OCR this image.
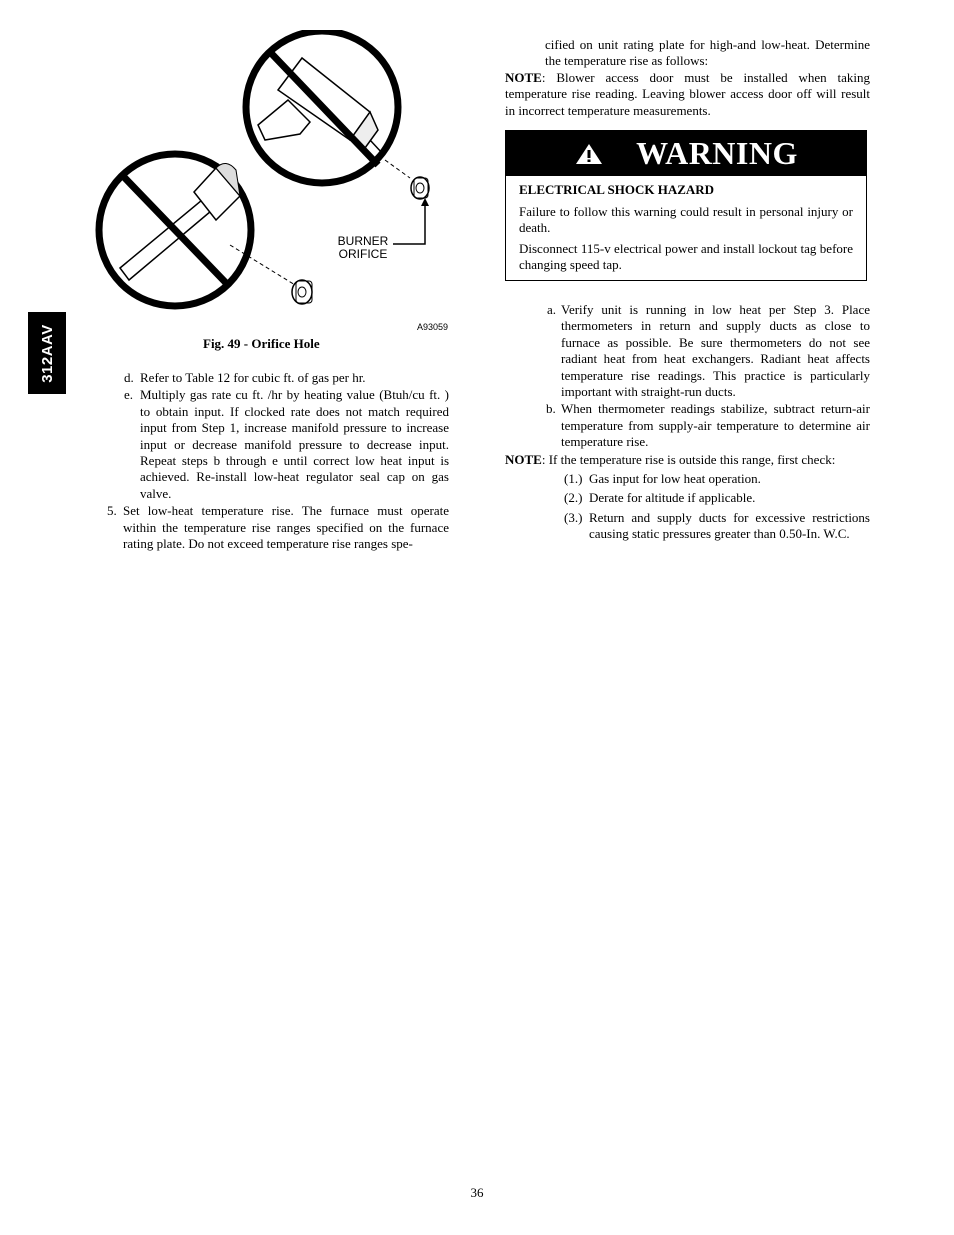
312AAV
BURNER
ORIFICE
A93059
Fig. 49 - Orifice Hole
d. Refer to Table 12 for cubic ft. of gas per hr.
e. Multiply gas rate cu ft. /hr by heating value (Btuh/cu ft. ) to obtain input. If clocked rate does not match required input from Step 1, increase manifold pressure to increase input or decrease manifold pressure to decrease input. Repeat steps b through e until correct low heat input is achieved. Re-install low-heat regulator seal cap on gas valve.
5. Set low-heat temperature rise. The furnace must operate within the temperature rise ranges specified on the furnace rating plate. Do not exceed temperature rise ranges spe-

cified on unit rating plate for high-and low-heat. Determine the temperature rise as follows:

NOTE: Blower access door must be installed when taking temperature rise reading. Leaving blower access door off will result in incorrect temperature measurements.

WARNING

ELECTRICAL SHOCK HAZARD

Failure to follow this warning could result in personal injury or death.

Disconnect 115-v electrical power and install lockout tag before changing speed tap.

a. Verify unit is running in low heat per Step 3. Place thermometers in return and supply ducts as close to furnace as possible. Be sure thermometers do not see radiant heat from heat exchangers. Radiant heat affects temperature rise readings. This practice is particularly important with straight-run ducts.
b. When thermometer readings stabilize, subtract return-air temperature from supply-air temperature to determine air temperature rise.

NOTE: If the temperature rise is outside this range, first check:

(1.) Gas input for low heat operation.
(2.) Derate for altitude if applicable.
(3.) Return and supply ducts for excessive restrictions causing static pressures greater than 0.50-In. W.C.
36
